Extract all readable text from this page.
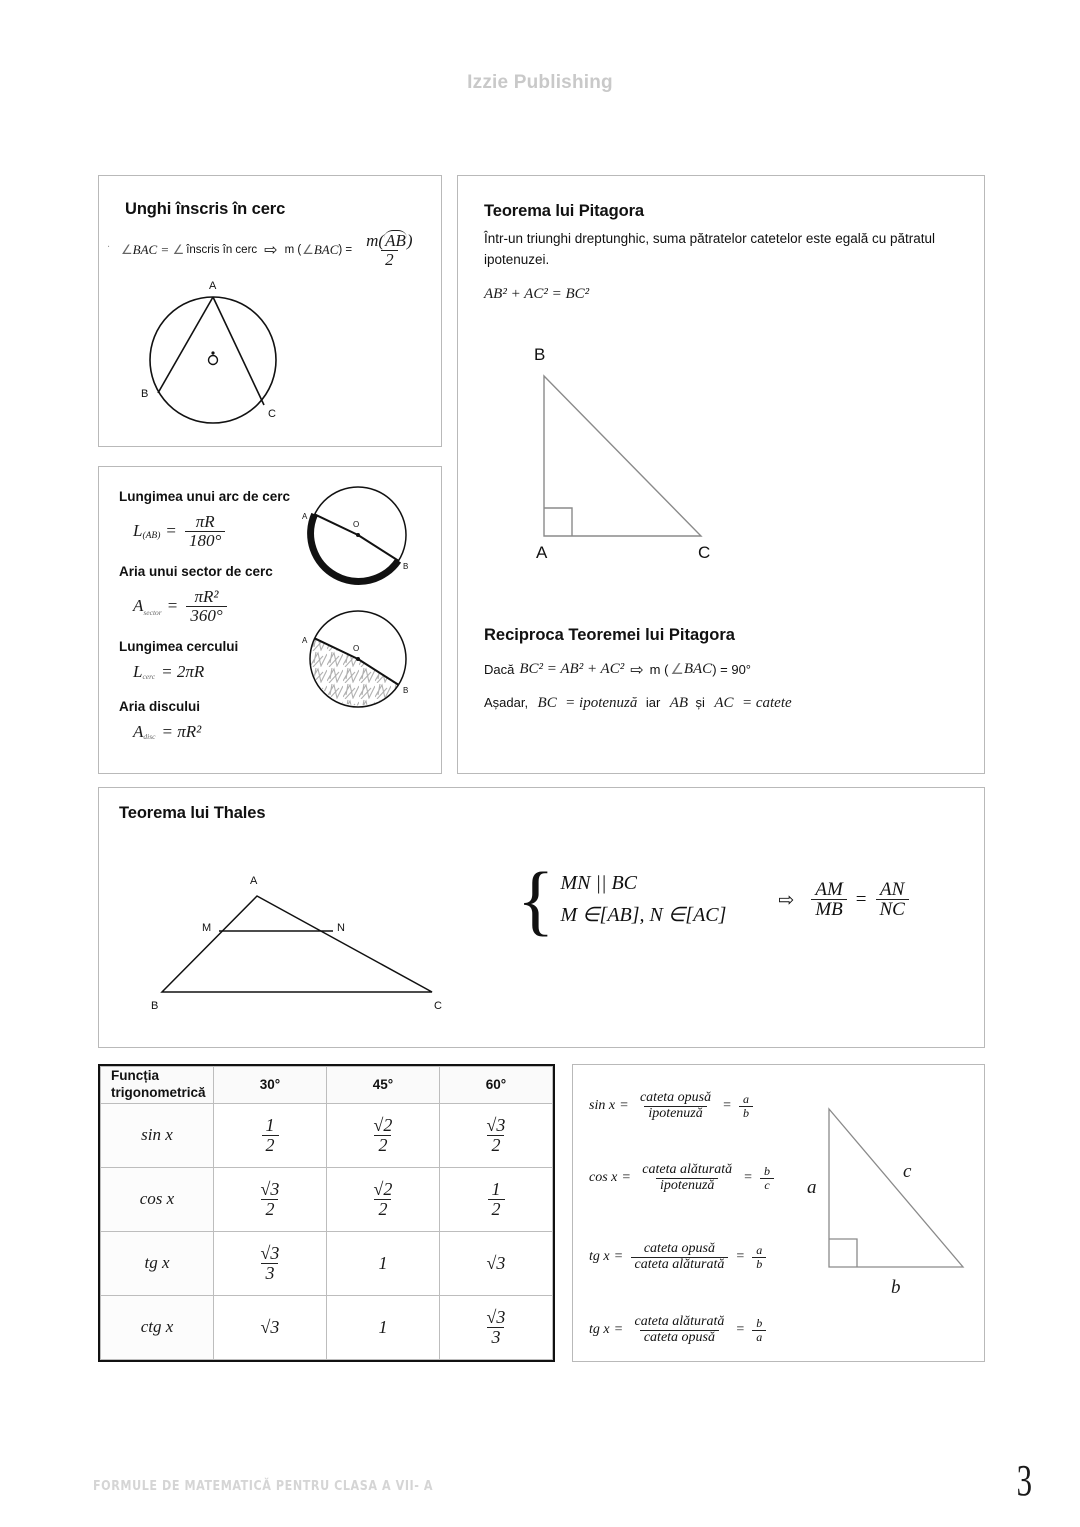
Izzie Publishing
Unghi înscris în cerc
. ∠ BAC = ∠ înscris în cerc ⇨ m ( ∠ BAC ) = $\frac{m(AB)}{2}$
A
B
C
Lungimea unui arc de cerc
L $(AB) = \frac{\pi R}{180^\circ}$
Aria unui sector de cerc
A sector = $\frac{\text{πR²}}{360^\circ}$
Lungimea cercului
L cerc = 2πR
Aria discului
A disc = πR²
O
A
B
O
A
B
Teorema lui Pitagora
Într-un triunghi dreptunghic, suma pătratelor catetelor este egală cu pătratul ipotenuzei.
AB² + AC² = BC²
B
A	C
Reciproca Teoremei lui Pitagora
Dacă BC² = AB² + AC² ⇨ m ( ∠ BAC ) = 90°
Așadar, BC = ipotenuză iar AB și AC = catete
Teorema lui Thales
A
M	N
B	C
{ MN || BC
M ∈[AB], N ∈[AC]
⇨ $\frac{AM}{MB} = \frac{AN}{NC}$
Funcția
trigonometrică	30°	45°	60°
sin x	$\frac{1}{2}$	$\frac{√2}{2}$	$\frac{√3}{2}$

cos x	$\frac{√3}{2}$	$\frac{√2}{2}$	$\frac{1}{2}$

tg x	$\frac{√3}{3}$	1	√3
ctg x	√3	1	$\frac{√3}{3}$
$\sin x = \frac{\text{cateta opusă}}{\text{ipotenuză}} = \frac{a}{b}$
$\cos x = \frac{\text{cateta alăturată}}{\text{ipotenuză}} = \frac{b}{c}$
tg $x = \frac{\text{cateta opusă}}{\text{cateta alăturată}} = \frac{a}{b}$
tg $x = \frac{\text{cateta alăturată}}{\text{cateta opusă}} = \frac{b}{a}$
a
c
b
FORMULE DE MATEMATICĂ PENTRU CLASA A VII- A	3
